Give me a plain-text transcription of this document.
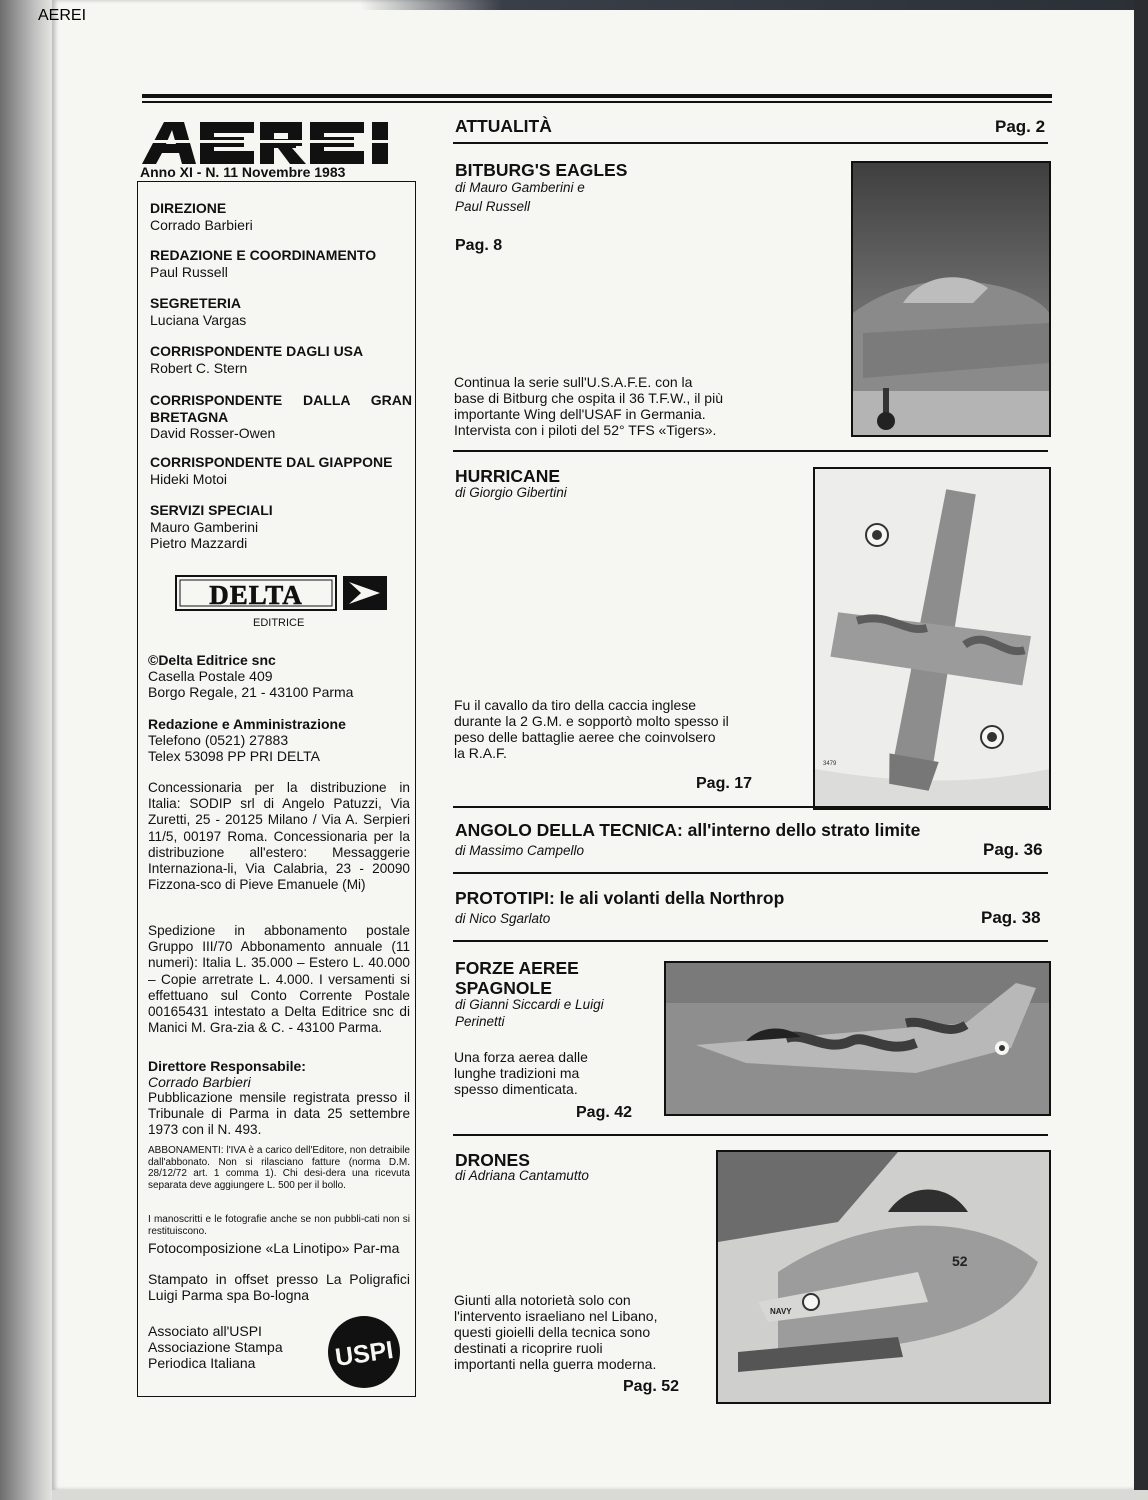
AEREI
Anno XI - N. 11 Novembre 1983
DIREZIONE
Corrado Barbieri
REDAZIONE E COORDINAMENTO
Paul Russell
SEGRETERIA
Luciana Vargas
CORRISPONDENTE DAGLI USA
Robert C. Stern
CORRISPONDENTE DALLA GRAN BRETAGNA
David Rosser-Owen
CORRISPONDENTE DAL GIAPPONE
Hideki Motoi
SERVIZI SPECIALI
Mauro Gamberini
Pietro Mazzardi
DELTA
EDITRICE
©Delta Editrice snc
Casella Postale 409
Borgo Regale, 21 - 43100 Parma
Redazione e Amministrazione
Telefono (0521) 27883
Telex 53098 PP PRI DELTA
Concessionaria per la distribuzione in Italia: SODIP srl di Angelo Patuzzi, Via Zuretti, 25 - 20125 Milano / Via A. Serpieri 11/5, 00197 Roma. Concessionaria per la distribuzione all'estero: Messaggerie Internaziona-li, Via Calabria, 23 - 20090 Fizzona-sco di Pieve Emanuele (Mi)
Spedizione in abbonamento postale Gruppo III/70 Abbonamento annuale (11 numeri): Italia L. 35.000 – Estero L. 40.000 – Copie arretrate L. 4.000. I versamenti si effettuano sul Conto Corrente Postale 00165431 intestato a Delta Editrice snc di Manici M. Gra-zia & C. - 43100 Parma.
Direttore Responsabile:
Corrado Barbieri
Pubblicazione mensile registrata presso il Tribunale di Parma in data 25 settembre 1973 con il N. 493.
ABBONAMENTI: l'IVA è a carico dell'Editore, non detraibile dall'abbonato. Non si rilasciano fatture (norma D.M. 28/12/72 art. 1 comma 1). Chi desi-dera una ricevuta separata deve aggiungere L. 500 per il bollo.
I manoscritti e le fotografie anche se non pubbli-cati non si restituiscono.
Fotocomposizione «La Linotipo» Par-ma
Stampato in offset presso La Poligrafici Luigi Parma spa Bo-logna
Associato all'USPI
Associazione Stampa
Periodica Italiana	USPI
ATTUALITÀ	Pag. 2
BITBURG'S EAGLES
di Mauro Gamberini e
Paul Russell
Pag. 8
Continua la serie sull'U.S.A.F.E. con la
base di Bitburg che ospita il 36 T.F.W., il più
importante Wing dell'USAF in Germania.
Intervista con i piloti del 52° TFS «Tigers».
HURRICANE
di Giorgio Gibertini
Fu il cavallo da tiro della caccia inglese
durante la 2 G.M. e sopportò molto spesso il
peso delle battaglie aeree che coinvolsero
la R.A.F.
Pag. 17
3479
ANGOLO DELLA TECNICA: all'interno dello strato limite
di Massimo Campello	Pag. 36
PROTOTIPI: le ali volanti della Northrop
di Nico Sgarlato	Pag. 38
FORZE AEREE
SPAGNOLE
di Gianni Siccardi e Luigi
Perinetti
Una forza aerea dalle
lunghe tradizioni ma
spesso dimenticata.
Pag. 42
DRONES
di Adriana Cantamutto
Giunti alla notorietà solo con
l'intervento israeliano nel Libano,
questi gioielli della tecnica sono
destinati a ricoprire ruoli
importanti nella guerra moderna.
Pag. 52
52
NAVY
